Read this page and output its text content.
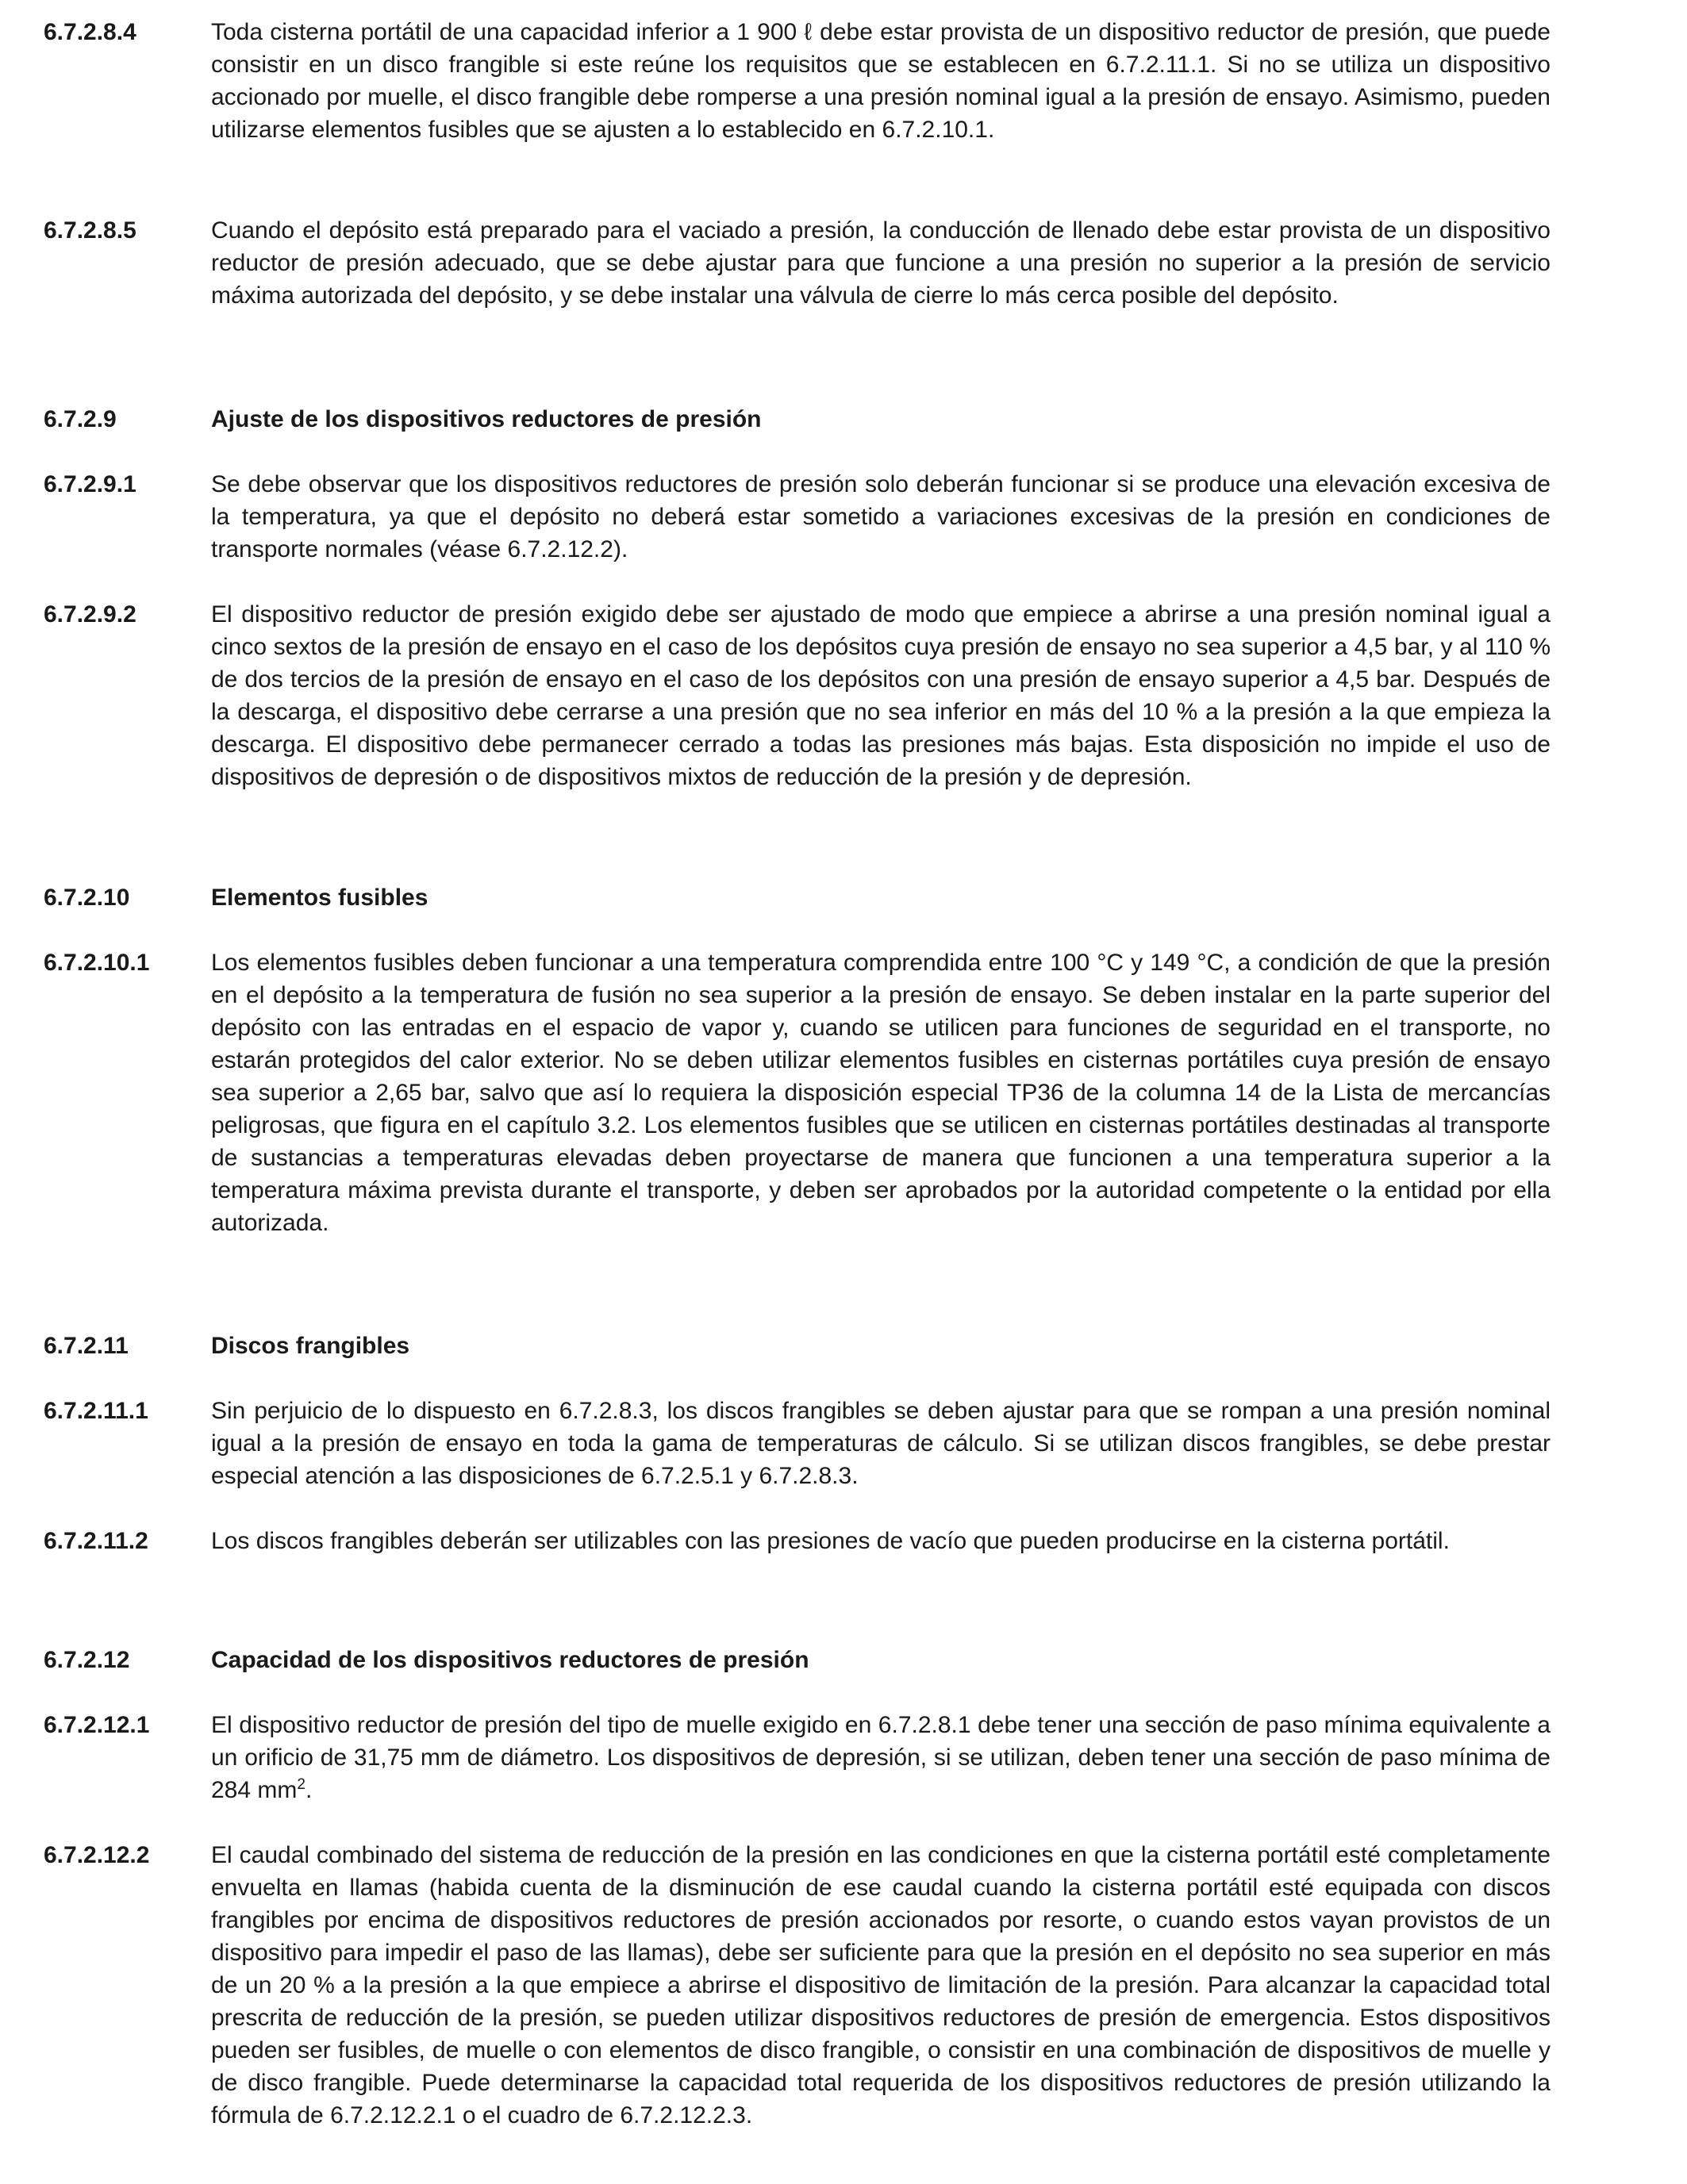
6.7.2.8.4	Toda cisterna portátil de una capacidad inferior a 1 900 ℓ debe estar provista de un dispositivo reductor de presión, que puede consistir en un disco frangible si este reúne los requisitos que se establecen en 6.7.2.11.1. Si no se utiliza un dispositivo accionado por muelle, el disco frangible debe romperse a una presión nominal igual a la presión de ensayo. Asimismo, pueden utilizarse elementos fusibles que se ajusten a lo establecido en 6.7.2.10.1.
6.7.2.8.5	Cuando el depósito está preparado para el vaciado a presión, la conducción de llenado debe estar provista de un dispositivo reductor de presión adecuado, que se debe ajustar para que funcione a una presión no superior a la presión de servicio máxima autorizada del depósito, y se debe instalar una válvula de cierre lo más cerca posible del depósito.
6.7.2.9	Ajuste de los dispositivos reductores de presión
6.7.2.9.1	Se debe observar que los dispositivos reductores de presión solo deberán funcionar si se produce una elevación excesiva de la temperatura, ya que el depósito no deberá estar sometido a variaciones excesivas de la presión en condiciones de transporte normales (véase 6.7.2.12.2).
6.7.2.9.2	El dispositivo reductor de presión exigido debe ser ajustado de modo que empiece a abrirse a una presión nominal igual a cinco sextos de la presión de ensayo en el caso de los depósitos cuya presión de ensayo no sea superior a 4,5 bar, y al 110 % de dos tercios de la presión de ensayo en el caso de los depósitos con una presión de ensayo superior a 4,5 bar. Después de la descarga, el dispositivo debe cerrarse a una presión que no sea inferior en más del 10 % a la presión a la que empieza la descarga. El dispositivo debe permanecer cerrado a todas las presiones más bajas. Esta disposición no impide el uso de dispositivos de depresión o de dispositivos mixtos de reducción de la presión y de depresión.
6.7.2.10	Elementos fusibles
6.7.2.10.1	Los elementos fusibles deben funcionar a una temperatura comprendida entre 100 °C y 149 °C, a condición de que la presión en el depósito a la temperatura de fusión no sea superior a la presión de ensayo. Se deben instalar en la parte superior del depósito con las entradas en el espacio de vapor y, cuando se utilicen para funciones de seguridad en el transporte, no estarán protegidos del calor exterior. No se deben utilizar elementos fusibles en cisternas portátiles cuya presión de ensayo sea superior a 2,65 bar, salvo que así lo requiera la disposición especial TP36 de la columna 14 de la Lista de mercancías peligrosas, que figura en el capítulo 3.2. Los elementos fusibles que se utilicen en cisternas portátiles destinadas al transporte de sustancias a temperaturas elevadas deben proyectarse de manera que funcionen a una temperatura superior a la temperatura máxima prevista durante el transporte, y deben ser aprobados por la autoridad competente o la entidad por ella autorizada.
6.7.2.11	Discos frangibles
6.7.2.11.1	Sin perjuicio de lo dispuesto en 6.7.2.8.3, los discos frangibles se deben ajustar para que se rompan a una presión nominal igual a la presión de ensayo en toda la gama de temperaturas de cálculo. Si se utilizan discos frangibles, se debe prestar especial atención a las disposiciones de 6.7.2.5.1 y 6.7.2.8.3.
6.7.2.11.2	Los discos frangibles deberán ser utilizables con las presiones de vacío que pueden producirse en la cisterna portátil.
6.7.2.12	Capacidad de los dispositivos reductores de presión
6.7.2.12.1	El dispositivo reductor de presión del tipo de muelle exigido en 6.7.2.8.1 debe tener una sección de paso mínima equivalente a un orificio de 31,75 mm de diámetro. Los dispositivos de depresión, si se utilizan, deben tener una sección de paso mínima de 284 $mm^2$.
6.7.2.12.2	El caudal combinado del sistema de reducción de la presión en las condiciones en que la cisterna portátil esté completamente envuelta en llamas (habida cuenta de la disminución de ese caudal cuando la cisterna portátil esté equipada con discos frangibles por encima de dispositivos reductores de presión accionados por resorte, o cuando estos vayan provistos de un dispositivo para impedir el paso de las llamas), debe ser suficiente para que la presión en el depósito no sea superior en más de un 20 % a la presión a la que empiece a abrirse el dispositivo de limitación de la presión. Para alcanzar la capacidad total prescrita de reducción de la presión, se pueden utilizar dispositivos reductores de presión de emergencia. Estos dispositivos pueden ser fusibles, de muelle o con elementos de disco frangible, o consistir en una combinación de dispositivos de muelle y de disco frangible. Puede determinarse la capacidad total requerida de los dispositivos reductores de presión utilizando la fórmula de 6.7.2.12.2.1 o el cuadro de 6.7.2.12.2.3.
